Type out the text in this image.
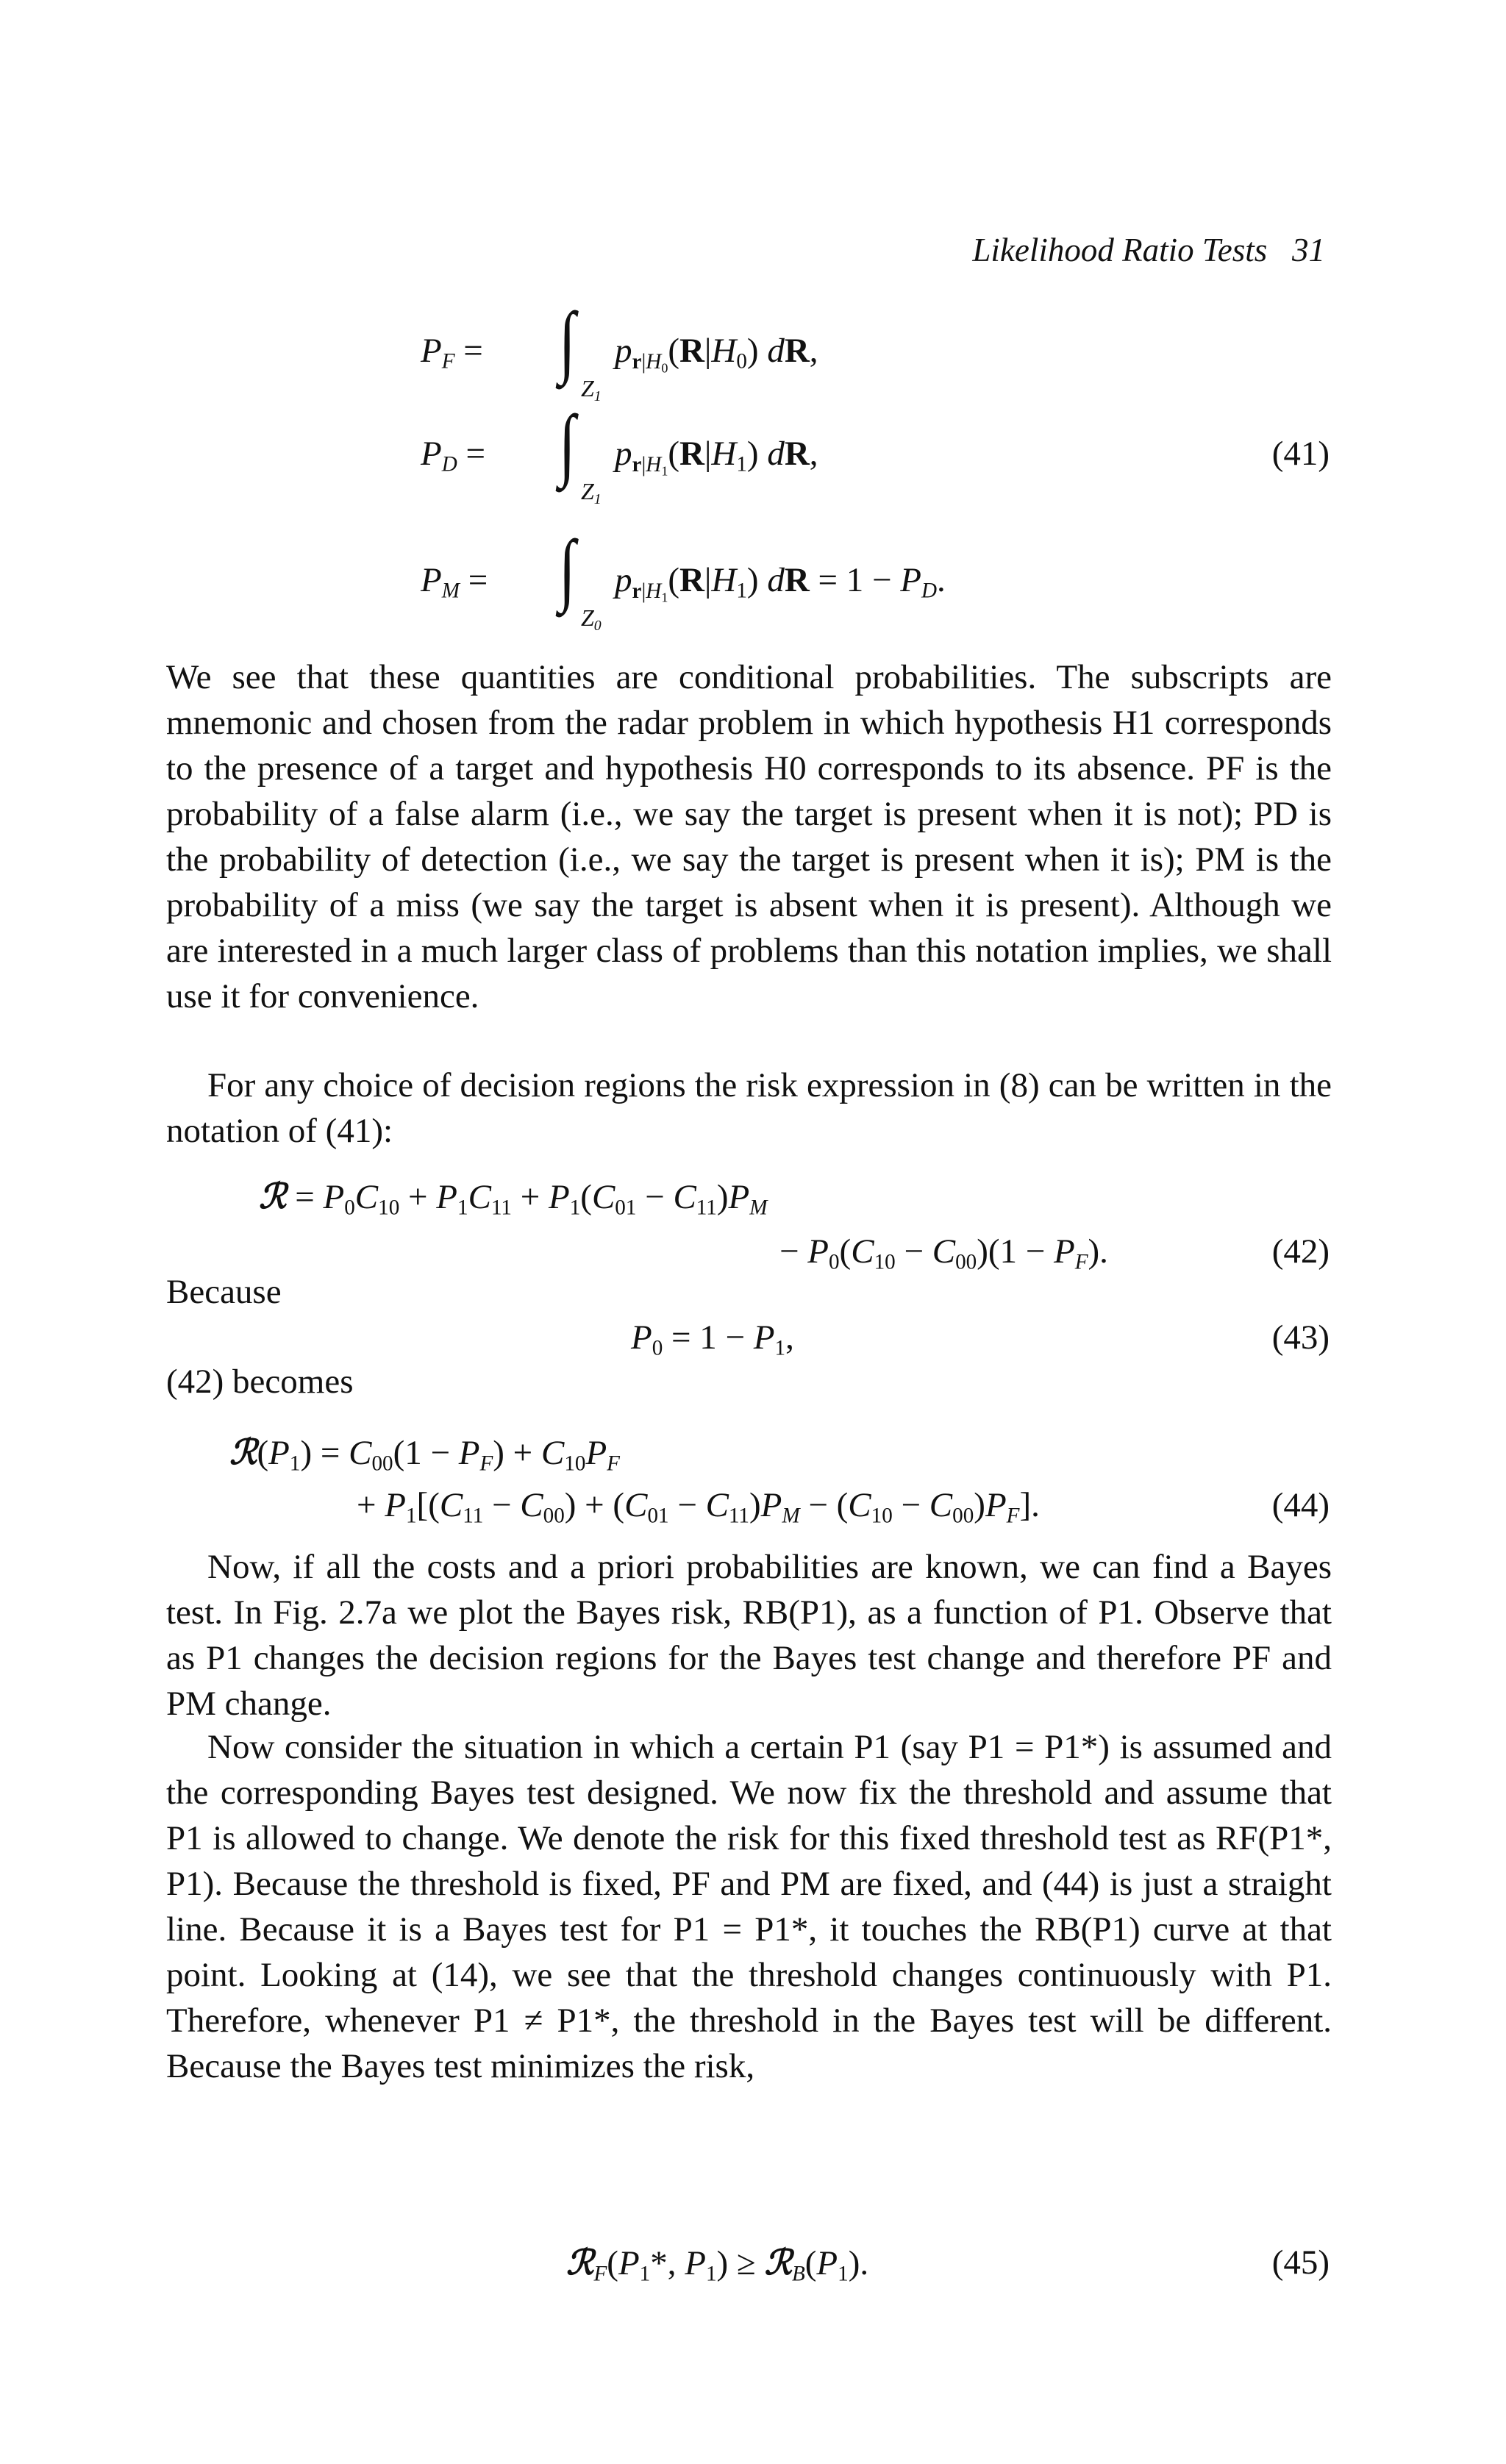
Likelihood Ratio Tests 31
$P_F$ = ∫
$Z_1$
$p_{r|H_0}(R|H_0)$ dR,
$P_D$ = ∫
$Z_1$
$p_{r|H_1}(R|H_1)$ dR,	(41)
$P_M$ = ∫
$Z_0$
$p_{r|H_1}(R|H_1)$ dR = $1 - P_D$.
We see that these quantities are conditional probabilities. The subscripts are mnemonic and chosen from the radar problem in which hypothesis H1 corresponds to the presence of a target and hypothesis H0 corresponds to its absence. PF is the probability of a false alarm (i.e., we say the target is present when it is not); PD is the probability of detection (i.e., we say the target is present when it is); PM is the probability of a miss (we say the target is absent when it is present). Although we are interested in a much larger class of problems than this notation implies, we shall use it for convenience.
For any choice of decision regions the risk expression in (8) can be written in the notation of (41):
ℛ = $P_0C_{10} + P_1C_{11} + P_1(C_{01} - C_{11})P_M$
− $P_0(C_{10} - C_{00})(1 - P_F)$.	(42)
Because
$P_0 = 1 - P_1$,	(43)
(42) becomes
$ℛ(P_1) = C_{00}(1 - P_F) + C_{10}P_F$
+ $P_1[(C_{11} - C_{00}) + (C_{01} - C_{11})P_M - (C_{10} - C_{00})P_F]$.	(44)
Now, if all the costs and a priori probabilities are known, we can find a Bayes test. In Fig. 2.7a we plot the Bayes risk, RB(P1), as a function of P1. Observe that as P1 changes the decision regions for the Bayes test change and therefore PF and PM change.
Now consider the situation in which a certain P1 (say P1 = P1*) is assumed and the corresponding Bayes test designed. We now fix the threshold and assume that P1 is allowed to change. We denote the risk for this fixed threshold test as RF(P1*, P1). Because the threshold is fixed, PF and PM are fixed, and (44) is just a straight line. Because it is a Bayes test for P1 = P1*, it touches the RB(P1) curve at that point. Looking at (14), we see that the threshold changes continuously with P1. Therefore, whenever P1 ≠ P1*, the threshold in the Bayes test will be different. Because the Bayes test minimizes the risk,
$ℛ_F(P_1*$, $P_1$) ≥ $ℛ_B(P_1)$.	(45)
